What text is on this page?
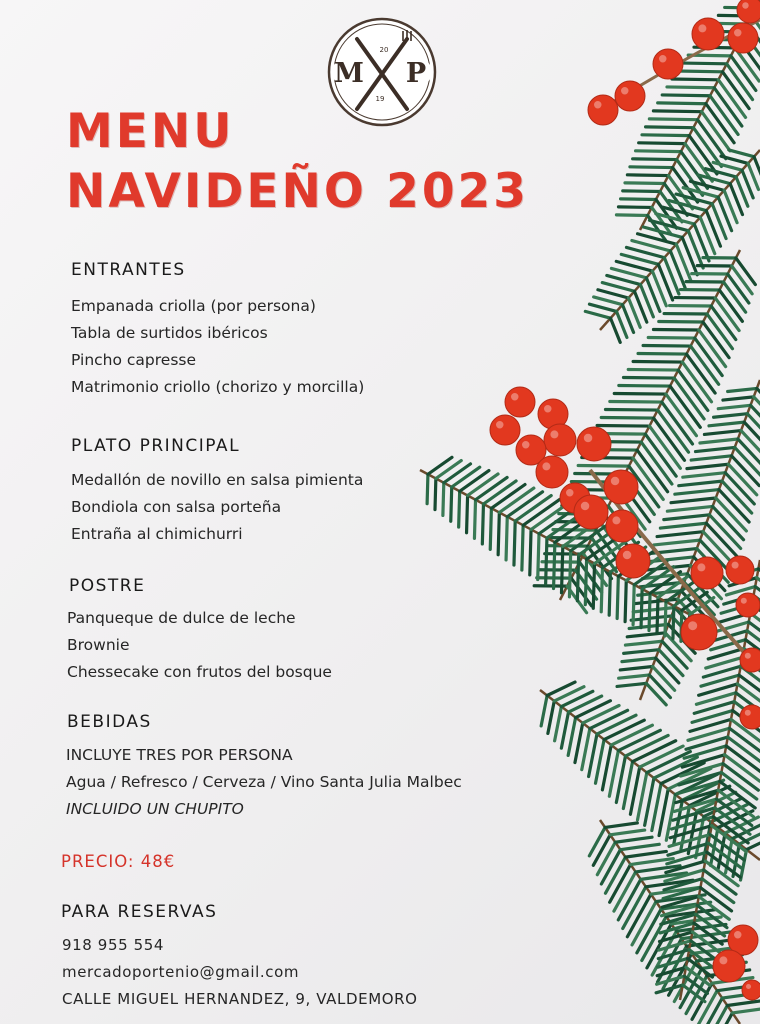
M P
20
19
MENU
NAVIDEÑO 2023
ENTRANTES
Empanada criolla (por persona)
Tabla de surtidos ibéricos
Pincho capresse
Matrimonio criollo (chorizo y morcilla)
PLATO PRINCIPAL
Medallón de novillo en salsa pimienta
Bondiola con salsa porteña
Entraña al chimichurri
POSTRE
Panqueque de dulce de leche
Brownie
Chessecake con frutos del bosque
BEBIDAS
INCLUYE TRES POR PERSONA
Agua / Refresco / Cerveza / Vino Santa Julia Malbec
INCLUIDO UN CHUPITO
PRECIO: 48€
PARA RESERVAS
918 955 554
mercadoportenio@gmail.com
CALLE MIGUEL HERNANDEZ, 9, VALDEMORO
